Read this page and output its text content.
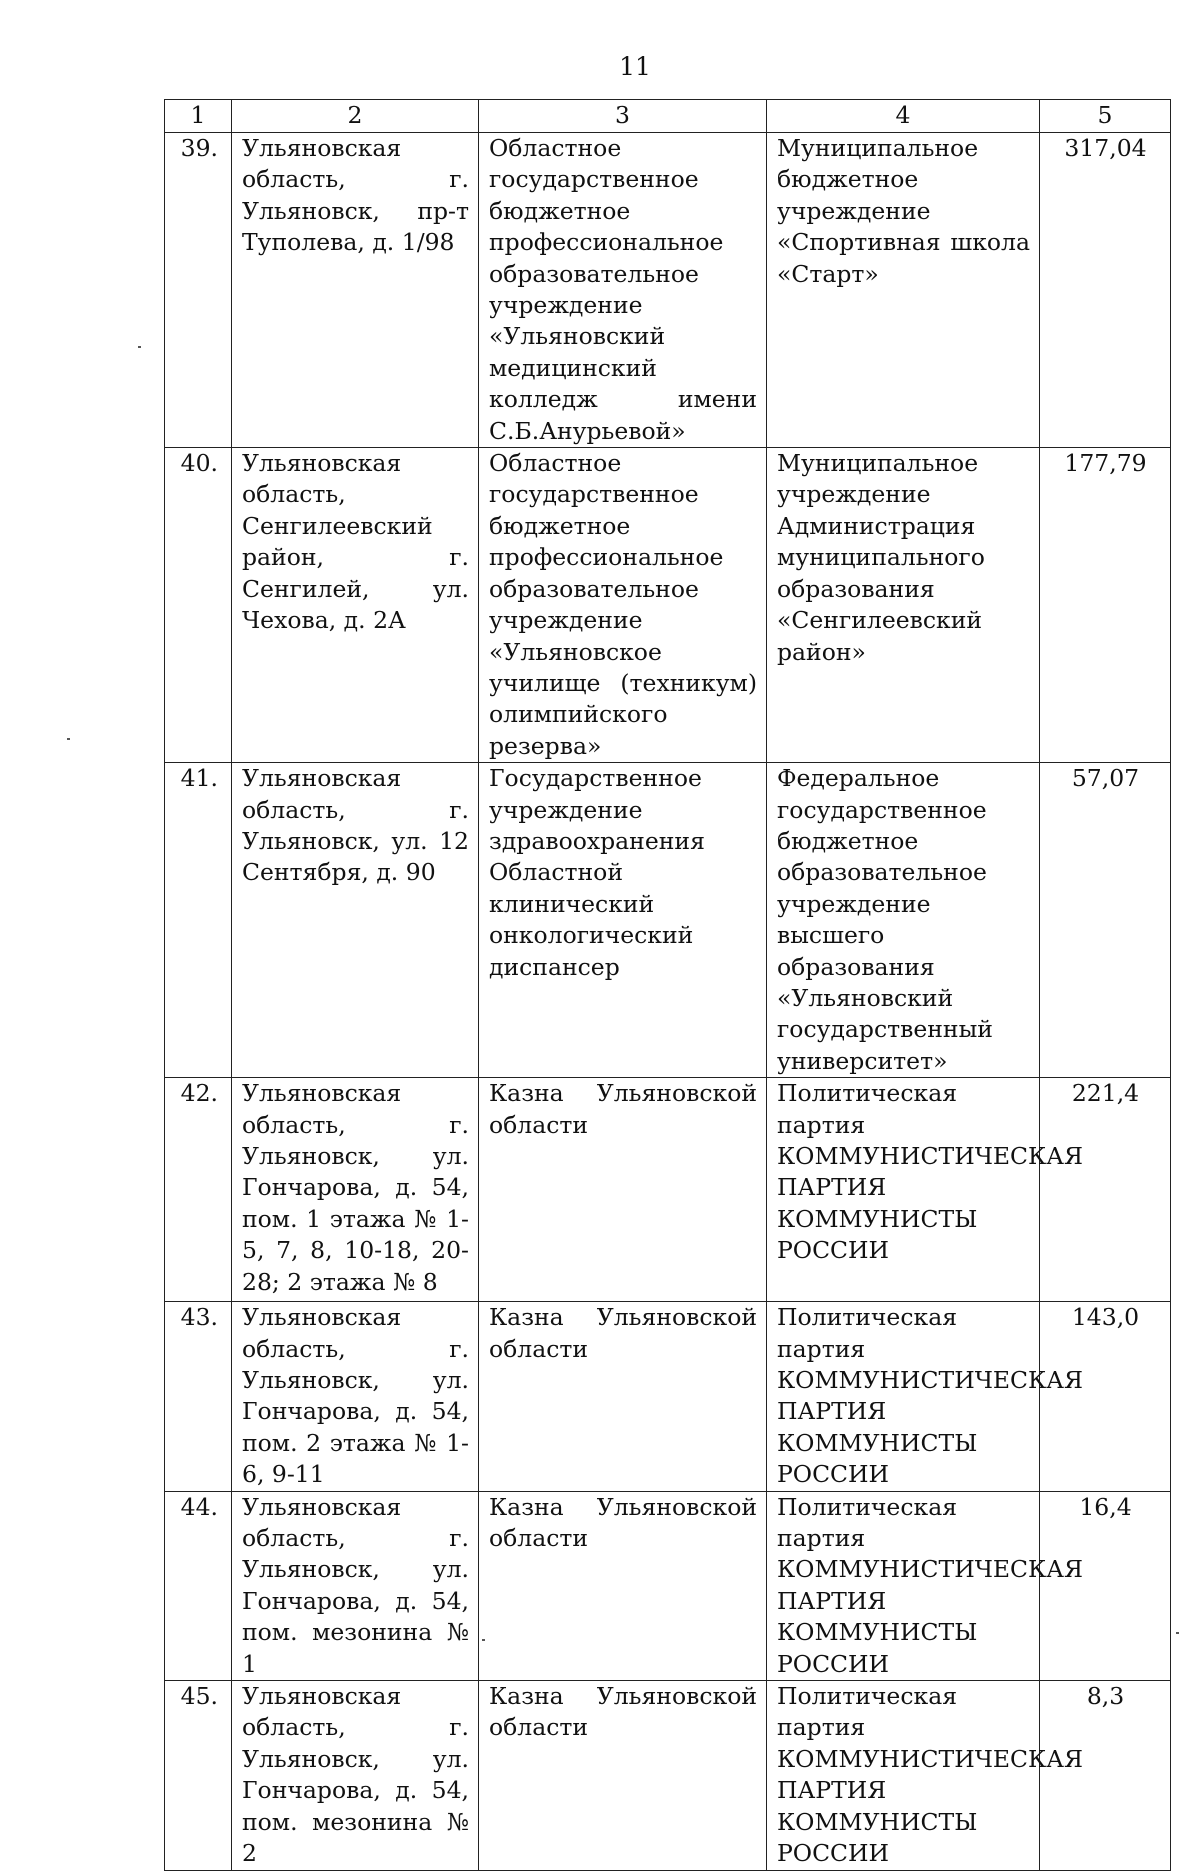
11
1	2	3	4	5
39.	Ульяновская область, г. Ульяновск, пр-т Туполева, д. 1/98	Областное государственное бюджетное профессиональное образовательное учреждение «Ульяновский медицинский колледж имени С.Б.Анурьевой»	Муниципальное бюджетное учреждение «Спортивная школа «Старт»	317,04
40.	Ульяновская область, Сенгилеевский район, г. Сенгилей, ул. Чехова, д. 2А	Областное государственное бюджетное профессиональное образовательное учреждение «Ульяновское училище (техникум) олимпийского резерва»	Муниципальное учреждение Администрация муниципального образования «Сенгилеевский район»	177,79
41.	Ульяновская область, г. Ульяновск, ул. 12 Сентября, д. 90	Государственное учреждение здравоохранения Областной клинический онкологический диспансер	Федеральное государственное бюджетное образовательное учреждение высшего образования «Ульяновский государственный университет»	57,07
42.	Ульяновская область, г. Ульяновск, ул. Гончарова, д. 54, пом. 1 этажа № 1-5, 7, 8, 10-18, 20-28; 2 этажа № 8	Казна Ульяновской области	Политическая партия КОММУНИСТИЧЕСКАЯ ПАРТИЯ КОММУНИСТЫ РОССИИ	221,4
43.	Ульяновская область, г. Ульяновск, ул. Гончарова, д. 54, пом. 2 этажа № 1-6, 9-11	Казна Ульяновской области	Политическая партия КОММУНИСТИЧЕСКАЯ ПАРТИЯ КОММУНИСТЫ РОССИИ	143,0
44.	Ульяновская область, г. Ульяновск, ул. Гончарова, д. 54, пом. мезонина № 1	Казна Ульяновской области	Политическая партия КОММУНИСТИЧЕСКАЯ ПАРТИЯ КОММУНИСТЫ РОССИИ	16,4
45.	Ульяновская область, г. Ульяновск, ул. Гончарова, д. 54, пом. мезонина № 2	Казна Ульяновской области	Политическая партия КОММУНИСТИЧЕСКАЯ ПАРТИЯ КОММУНИСТЫ РОССИИ	8,3
